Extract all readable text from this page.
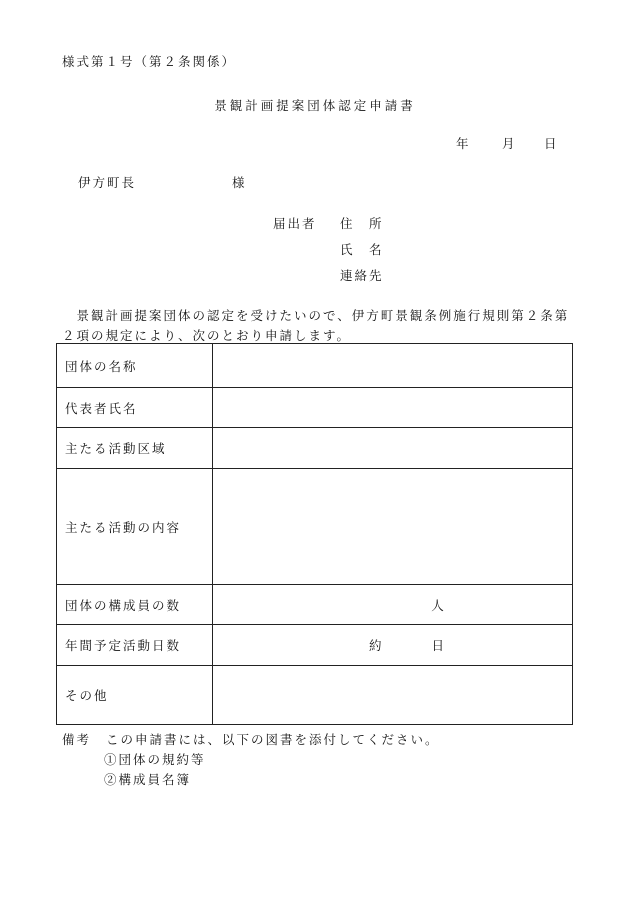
様式第１号（第２条関係）
景観計画提案団体認定申請書
年	月 日
伊方町長	様
届出者 住　所
氏　名
連絡先
　景観計画提案団体の認定を受けたいので、伊方町景観条例施行規則第２条第
２項の規定により、次のとおり申請します。
団体の名称	
代表者氏名	
主たる活動区域	
主たる活動の内容	
団体の構成員の数	人
年間予定活動日数	約 日
その他	
備考 この申請書には、以下の図書を添付してください。
①団体の規約等
②構成員名簿
